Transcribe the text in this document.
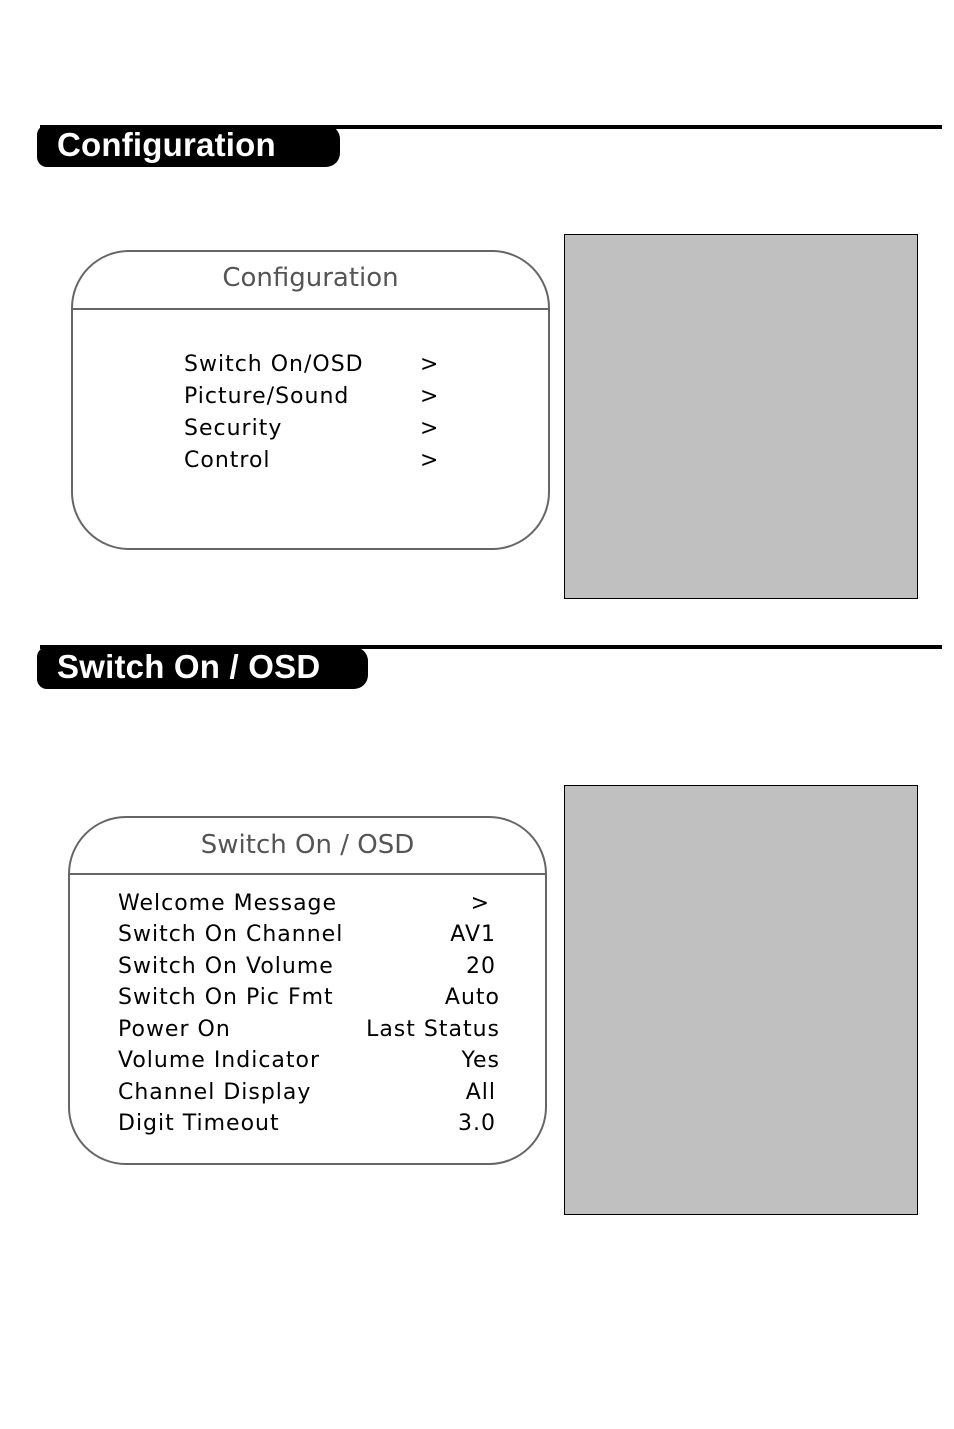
Configuration
Configuration
Switch On/OSD	>
Picture/Sound	>
Security	>
Control	>
Switch On / OSD
Switch On / OSD
Welcome Message	>
Switch On Channel	AV1
Switch On Volume	20
Switch On Pic Fmt	Auto
Power On	Last Status
Volume Indicator	Yes
Channel Display	All
Digit Timeout	3.0
